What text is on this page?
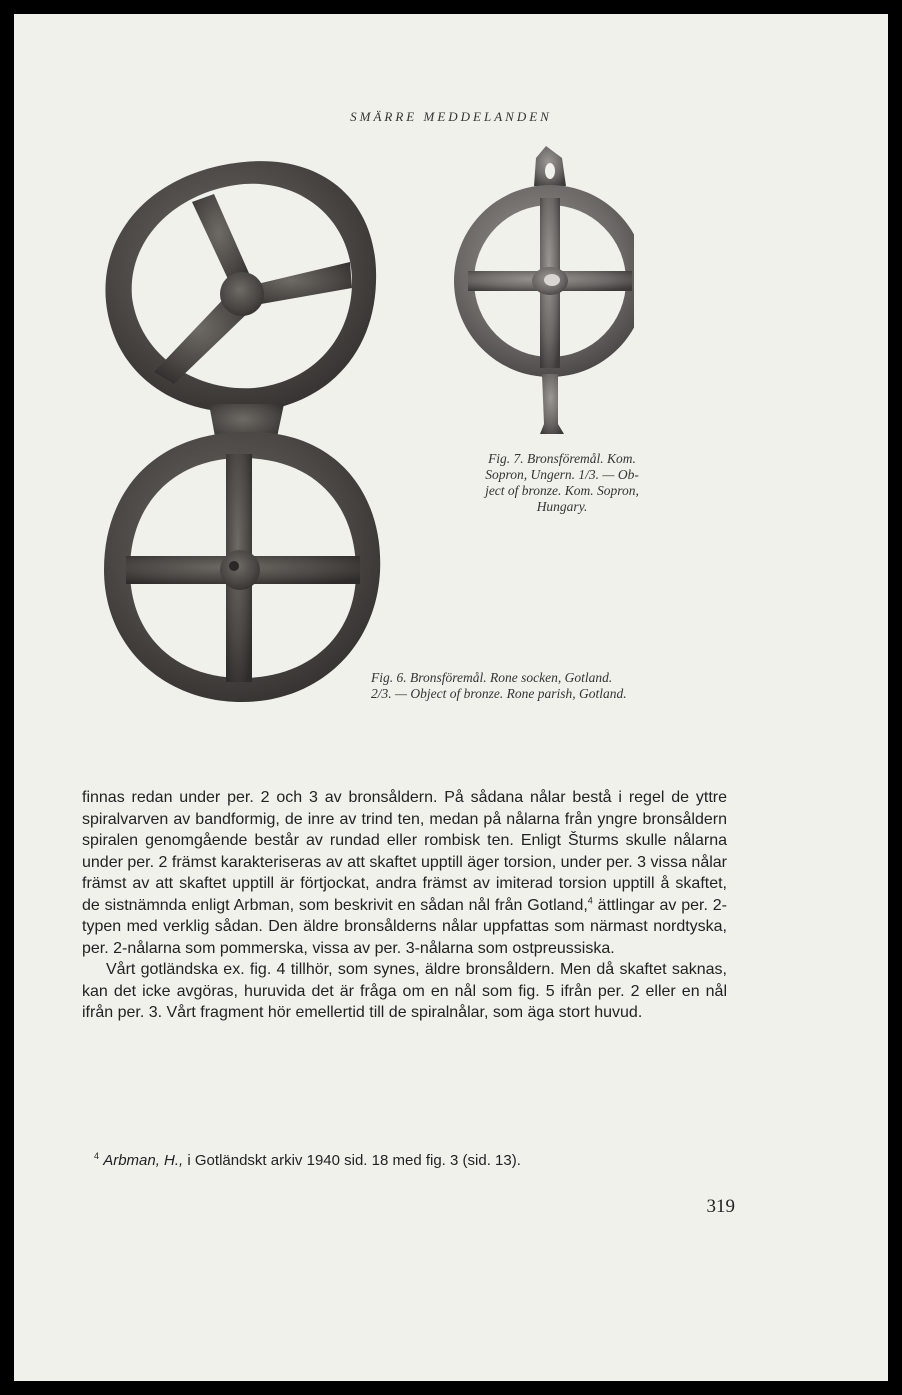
SMÄRRE MEDDELANDEN
Fig. 7. Bronsföremål. Kom.
Sopron, Ungern. 1/3. — Ob-
ject of bronze. Kom. Sopron,
Hungary.
Fig. 6. Bronsföremål. Rone socken, Gotland.
2/3. — Object of bronze. Rone parish, Gotland.

finnas redan under per. 2 och 3 av bronsåldern. På sådana nålar bestå i regel de yttre spiralvarven av bandformig, de inre av trind ten, medan på nålarna från yngre bronsåldern spiralen genomgående består av rundad eller rombisk ten. Enligt Šturms skulle nålarna under per. 2 främst karakteriseras av att skaftet upptill äger torsion, under per. 3 vissa nålar främst av att skaftet upptill är förtjockat, andra främst av imiterad torsion upptill å skaftet, de sistnämnda enligt Arbman, som beskrivit en sådan nål från Gotland,$^4$ ättlingar av per. 2-typen med verklig sådan. Den äldre bronsålderns nålar uppfattas som närmast nordtyska, per. 2-nålarna som pommerska, vissa av per. 3-nålarna som ostpreussiska.

Vårt gotländska ex. fig. 4 tillhör, som synes, äldre bronsåldern. Men då skaftet saknas, kan det icke avgöras, huruvida det är fråga om en nål som fig. 5 ifrån per. 2 eller en nål ifrån per. 3. Vårt fragment hör emellertid till de spiralnålar, som äga stort huvud.

$^4$ Arbman, H., i Gotländskt arkiv 1940 sid. 18 med fig. 3 (sid. 13).
319
